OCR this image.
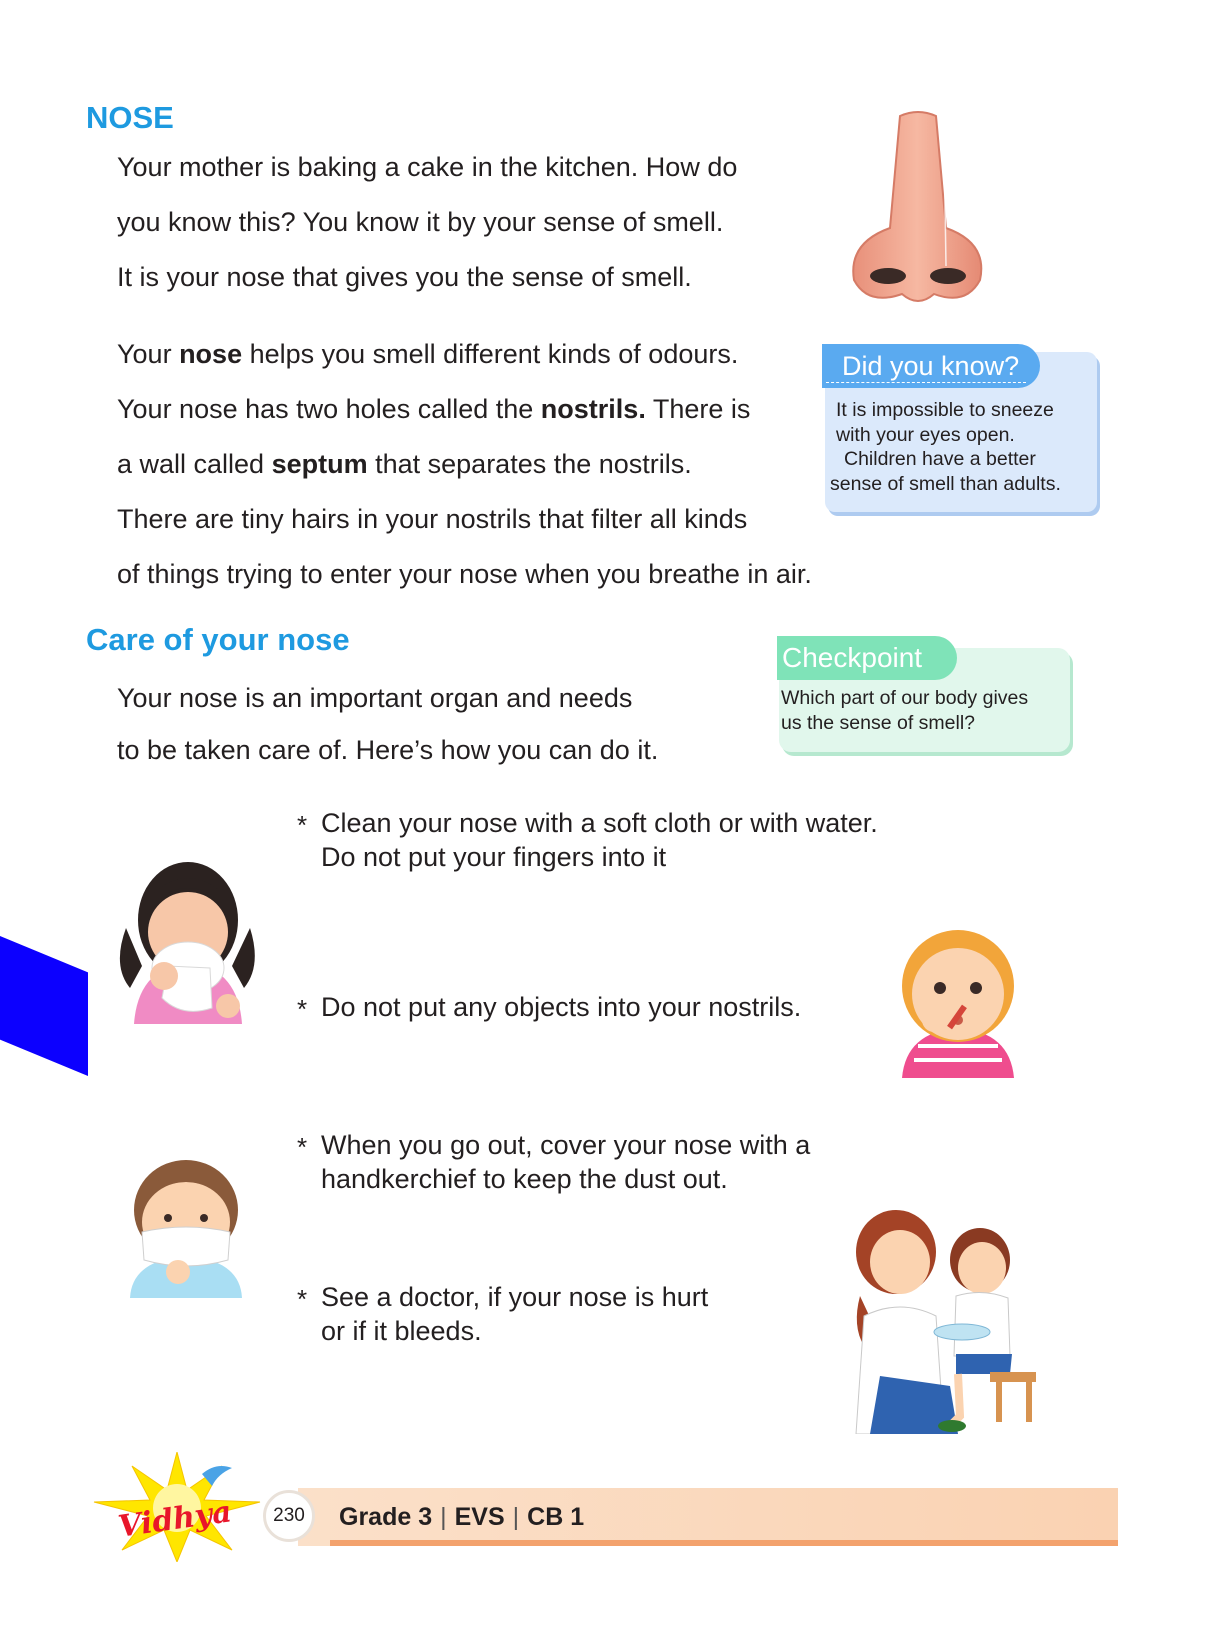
NOSE
Your mother is baking a cake in the kitchen. How do
you know this? You know it by your sense of smell.
It is your nose that gives you the sense of smell.
Your nose helps you smell different kinds of odours.
Your nose has two holes called the nostrils. There is
a wall called septum that separates the nostrils.
There are tiny hairs in your nostrils that filter all kinds
of things trying to enter your nose when you breathe in air.
Did you know?
It is impossible to sneeze
with your eyes open.
Children have a better
sense of smell than adults.
Care of your nose
Your nose is an important organ and needs
to be taken care of. Here’s how you can do it.
Checkpoint
Which part of our body gives
us the sense of smell?
* Clean your nose with a soft cloth or with water.
Do not put your fingers into it
* Do not put any objects into your nostrils.
* When you go out, cover your nose with a
handkerchief to keep the dust out.
* See a doctor, if your nose is hurt
or if it bleeds.
Vidhya	230	Grade 3 | EVS | CB 1
